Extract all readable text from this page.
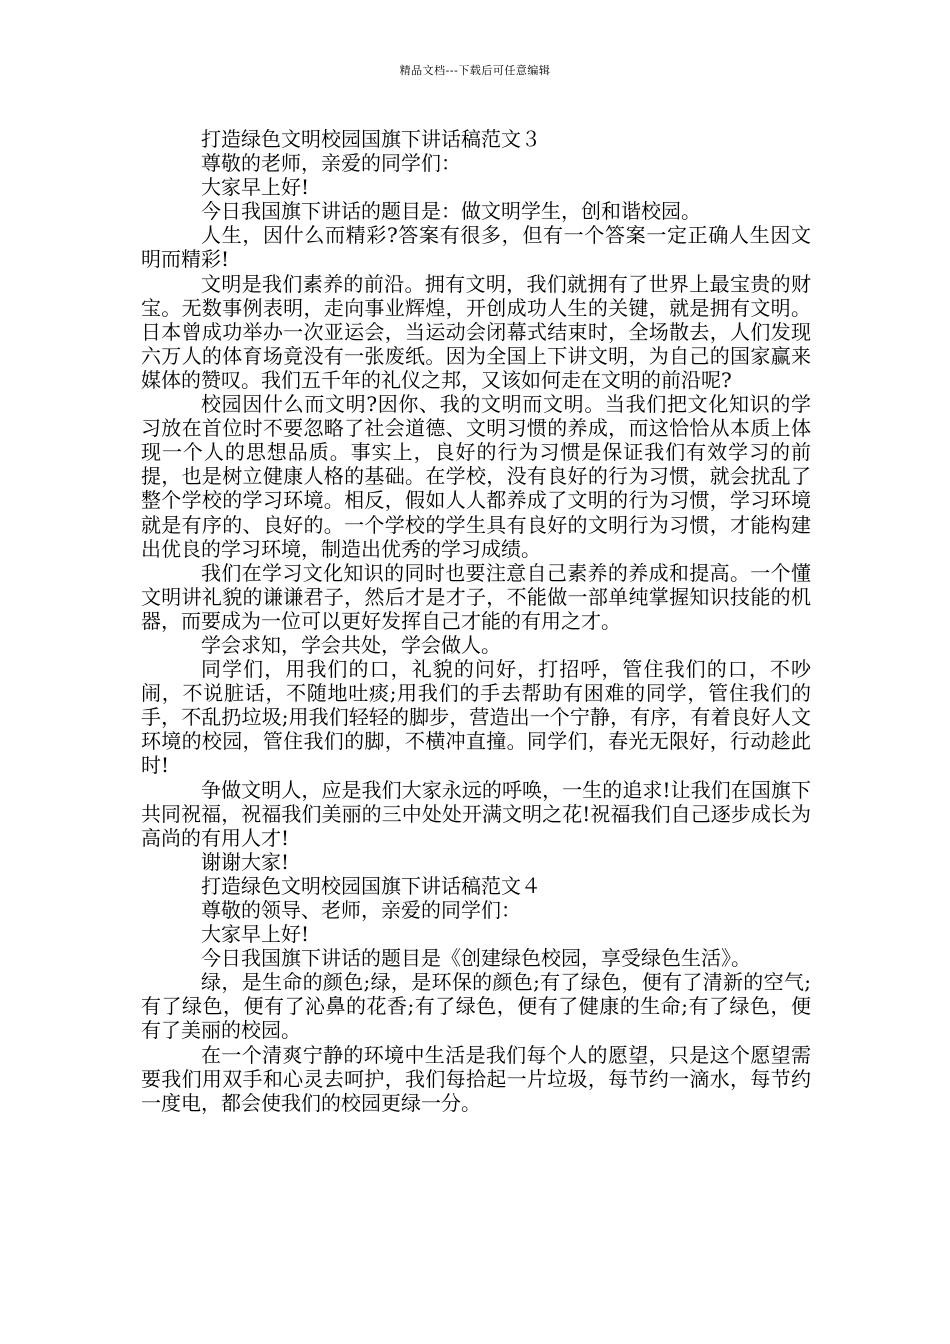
精品文档---下载后可任意编辑

打造绿色文明校园国旗下讲话稿范文３

尊敬的老师，亲爱的同学们：

大家早上好!

今日我国旗下讲话的题目是：做文明学生，创和谐校园。

人生，因什么而精彩?答案有很多，但有一个答案一定正确人生因文明而精彩!

文明是我们素养的前沿。拥有文明，我们就拥有了世界上最宝贵的财宝。无数事例表明，走向事业辉煌，开创成功人生的关键，就是拥有文明。日本曾成功举办一次亚运会，当运动会闭幕式结束时，全场散去，人们发现六万人的体育场竟没有一张废纸。因为全国上下讲文明，为自己的国家赢来媒体的赞叹。我们五千年的礼仪之邦，又该如何走在文明的前沿呢?

校园因什么而文明?因你、我的文明而文明。当我们把文化知识的学习放在首位时不要忽略了社会道德、文明习惯的养成，而这恰恰从本质上体现一个人的思想品质。事实上，良好的行为习惯是保证我们有效学习的前提，也是树立健康人格的基础。在学校，没有良好的行为习惯，就会扰乱了整个学校的学习环境。相反，假如人人都养成了文明的行为习惯，学习环境就是有序的、良好的。一个学校的学生具有良好的文明行为习惯，才能构建出优良的学习环境，制造出优秀的学习成绩。

我们在学习文化知识的同时也要注意自己素养的养成和提高。一个懂文明讲礼貌的谦谦君子，然后才是才子，不能做一部单纯掌握知识技能的机器，而要成为一位可以更好发挥自己才能的有用之才。

学会求知，学会共处，学会做人。

同学们，用我们的口，礼貌的问好，打招呼，管住我们的口，不吵闹，不说脏话，不随地吐痰;用我们的手去帮助有困难的同学，管住我们的手，不乱扔垃圾;用我们轻轻的脚步，营造出一个宁静，有序，有着良好人文环境的校园，管住我们的脚，不横冲直撞。同学们，春光无限好，行动趁此时!

争做文明人，应是我们大家永远的呼唤，一生的追求!让我们在国旗下共同祝福，祝福我们美丽的三中处处开满文明之花!祝福我们自己逐步成长为高尚的有用人才!

谢谢大家!

打造绿色文明校园国旗下讲话稿范文４

尊敬的领导、老师，亲爱的同学们：

大家早上好!

今日我国旗下讲话的题目是《创建绿色校园，享受绿色生活》。

绿，是生命的颜色;绿，是环保的颜色;有了绿色，便有了清新的空气;有了绿色，便有了沁鼻的花香;有了绿色，便有了健康的生命;有了绿色，便有了美丽的校园。

在一个清爽宁静的环境中生活是我们每个人的愿望，只是这个愿望需要我们用双手和心灵去呵护，我们每拾起一片垃圾，每节约一滴水，每节约一度电，都会使我们的校园更绿一分。
